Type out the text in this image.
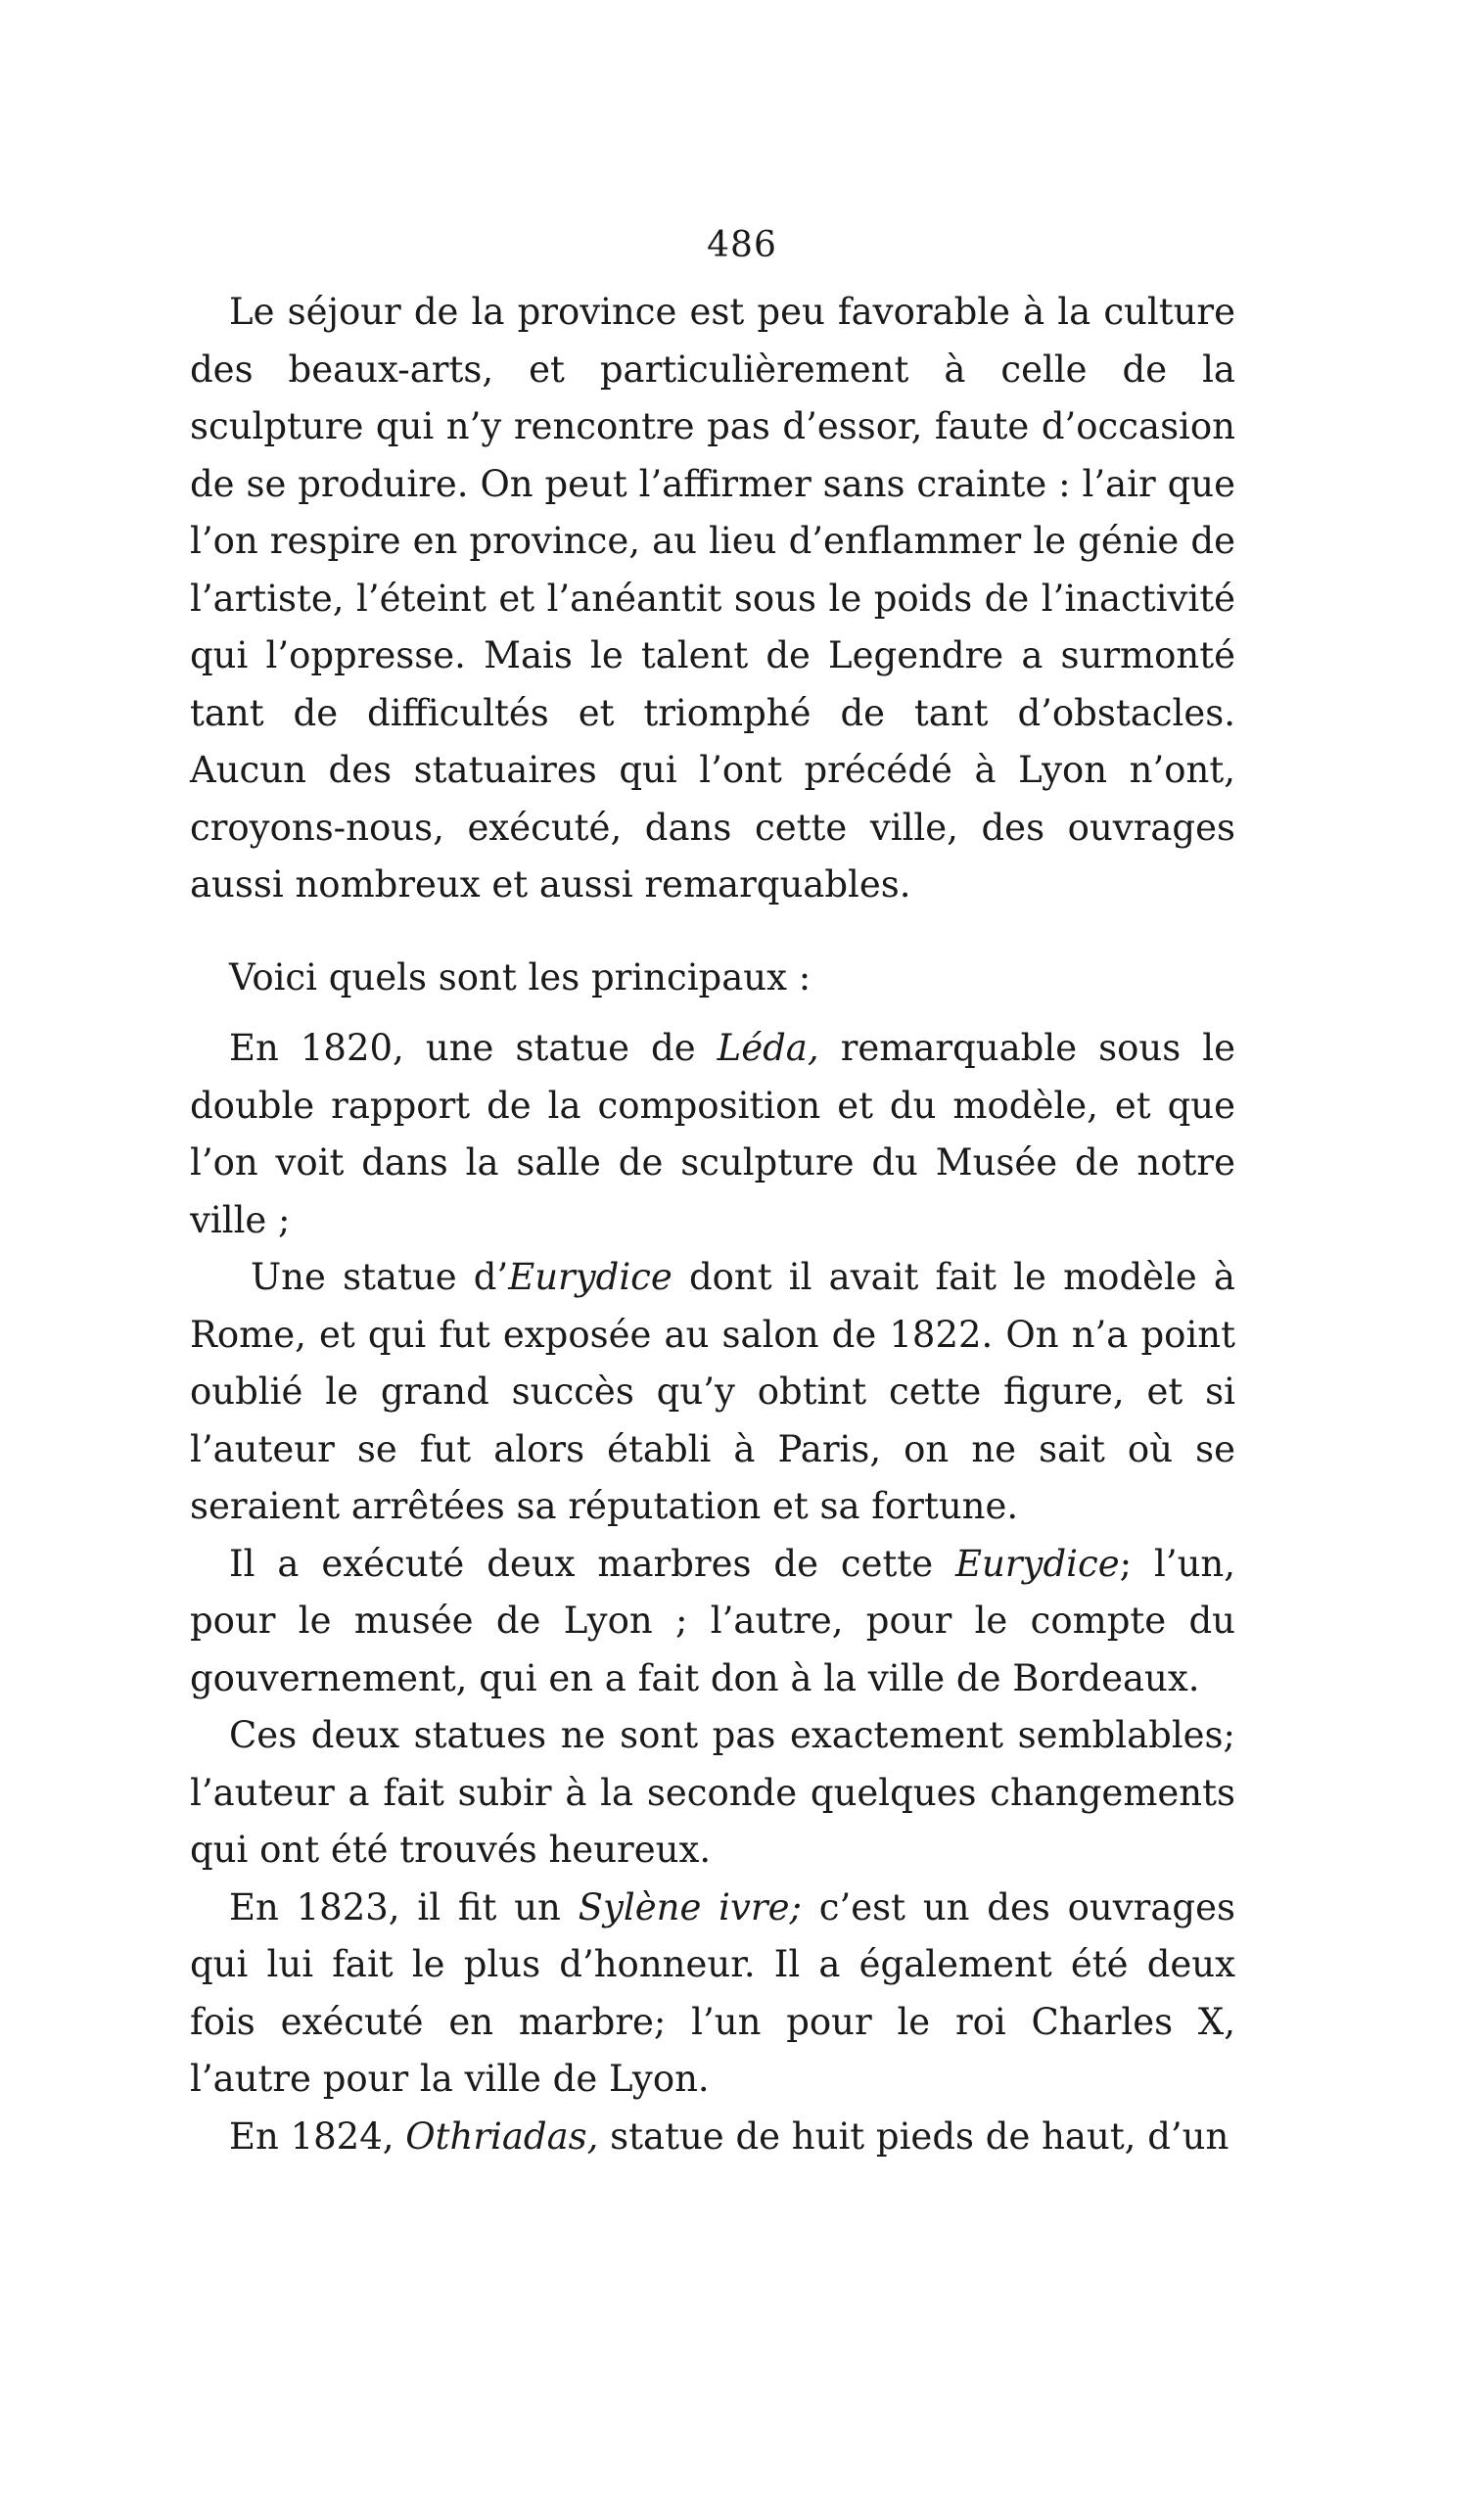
486

Le séjour de la province est peu favorable à la culture des beaux-arts, et particulièrement à celle de la sculpture qui n’y rencontre pas d’essor, faute d’occasion de se produire. On peut l’affirmer sans crainte : l’air que l’on respire en province, au lieu d’enflammer le génie de l’artiste, l’éteint et l’anéantit sous le poids de l’inactivité qui l’oppresse. Mais le talent de Legendre a surmonté tant de difficultés et triomphé de tant d’obstacles. Aucun des statuaires qui l’ont précédé à Lyon n’ont, croyons-nous, exécuté, dans cette ville, des ouvrages aussi nombreux et aussi remarquables.

Voici quels sont les principaux :

En 1820, une statue de Léda, remarquable sous le double rapport de la composition et du modèle, et que l’on voit dans la salle de sculpture du Musée de notre ville ;

Une statue d’Eurydice dont il avait fait le modèle à Rome, et qui fut exposée au salon de 1822. On n’a point oublié le grand succès qu’y obtint cette figure, et si l’auteur se fut alors établi à Paris, on ne sait où se seraient arrêtées sa réputation et sa fortune.

Il a exécuté deux marbres de cette Eurydice; l’un, pour le musée de Lyon ; l’autre, pour le compte du gouvernement, qui en a fait don à la ville de Bordeaux.

Ces deux statues ne sont pas exactement semblables; l’auteur a fait subir à la seconde quelques changements qui ont été trouvés heureux.

En 1823, il fit un Sylène ivre; c’est un des ouvrages qui lui fait le plus d’honneur. Il a également été deux fois exécuté en marbre; l’un pour le roi Charles X, l’autre pour la ville de Lyon.

En 1824, Othriadas, statue de huit pieds de haut, d’un
